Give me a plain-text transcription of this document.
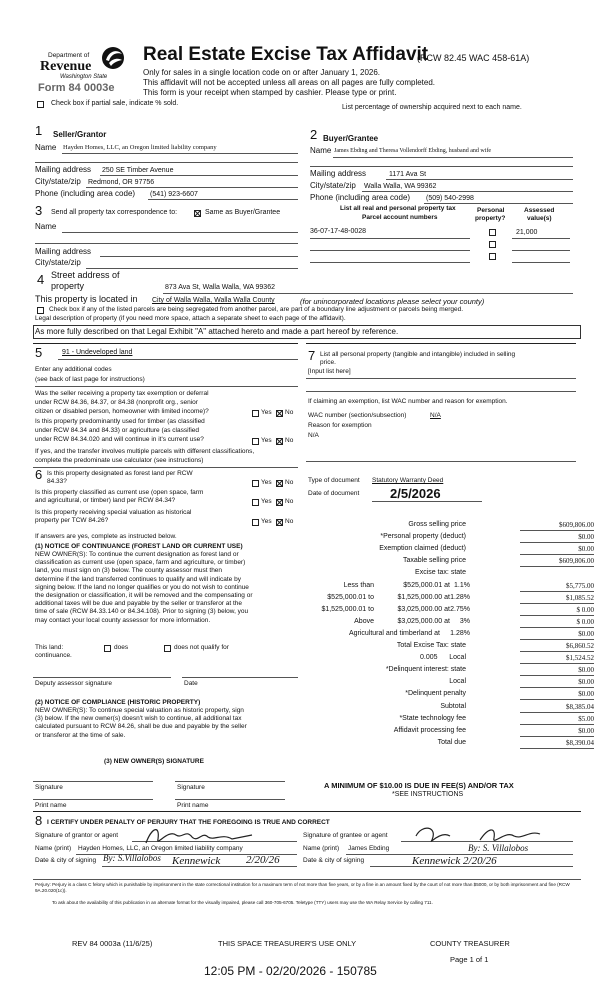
Department of
Revenue
Washington State
Form 84 0003e
Real Estate Excise Tax Affidavit
(RCW 82.45 WAC 458-61A)
Only for sales in a single location code on or after January 1, 2026.
This affidavit will not be accepted unless all areas on all pages are fully completed.
This form is your receipt when stamped by cashier. Please type or print.
Check box if partial sale, indicate % sold.
List percentage of ownership acquired next to each name.
1 Seller/Grantor
Name Hayden Homes, LLC, an Oregon limited liability company
Mailing address 250 SE Timber Avenue
City/state/zip Redmond, OR 97756
Phone (including area code) (541) 923-6607
2 Buyer/Grantee
Name James Ebding and Theresa Vollendorff Ebding, husband and wife
Mailing address	1171 Ava St
City/state/zip Walla Walla, WA 99362
Phone (including area code) (509) 540-2998
3 Send all property tax correspondence to:	Same as Buyer/Grantee
Name
Mailing address
City/state/zip
List all real and personal property tax
Parcel account numbers
Personal
property?
Assessed
value(s)
36-07-17-48-0028	21,000
4 Street address of
property	873 Ava St, Walla Walla, WA 99362
This property is located in City of Walla Walla, Walla Walla County	(for unincorporated locations please select your county)
Check box if any of the listed parcels are being segregated from another parcel, are part of a boundary line adjustment or parcels being merged.
Legal description of property (if you need more space, attach a separate sheet to each page of the affidavit).
As more fully described on that Legal Exhibit "A" attached hereto and made a part hereof by reference.
5	91 - Undeveloped land
Enter any additional codes
(see back of last page for instructions)
Was the seller receiving a property tax exemption or deferral
under RCW 84.36, 84.37, or 84.38 (nonprofit org., senior
citizen or disabled person, homeowner with limited income)?	Yes No
Is this property predominantly used for timber (as classified
under RCW 84.34 and 84.33) or agriculture (as classified
under RCW 84.34.020 and will continue in it's current use?	Yes No
If yes, and the transfer involves multiple parcels with different classifications,
complete the predominate use calculator (see instructions)
6 Is this property designated as forest land per RCW
84.33?	Yes No
Is this property classified as current use (open space, farm
and agricultural, or timber) land per RCW 84.34?	Yes No
Is this property receiving special valuation as historical
property per TCW 84.26?	Yes No
If answers are yes, complete as instructed below.
(1) NOTICE OF CONTINUANCE (FOREST LAND OR CURRENT USE)
NEW OWNER(S): To continue the current designation as forest land or
classification as current use (open space, farm and agriculture, or timber)
land, you must sign on (3) below. The county assessor must then
determine if the land transferred continues to qualify and will indicate by
signing below. If the land no longer qualifies or you do not wish to continue
the designation or classification, it will be removed and the compensating or
additional taxes will be due and payable by the seller or transferor at the
time of sale (RCW 84.33.140 or 84.34.108). Prior to signing (3) below, you
may contact your local county assessor for more information.
This land:	does	does not qualify for
continuance.
Deputy assessor signature	Date
(2) NOTICE OF COMPLIANCE (HISTORIC PROPERTY)
NEW OWNER(S): To continue special valuation as historic property, sign
(3) below. If the new owner(s) doesn't wish to continue, all additional tax
calculated pursuant to RCW 84.26, shall be due and payable by the seller
or transferor at the time of sale.
(3) NEW OWNER(S) SIGNATURE
Signature	Signature
Print name	Print name
7 List all personal property (tangible and intangible) included in selling
price.
[Input list here]
If claiming an exemption, list WAC number and reason for exemption.
WAC number (section/subsection)	N/A
Reason for exemption
N/A
Type of document Statutory Warranty Deed
Date of document 2/5/2026
Gross selling price	$609,806.00
*Personal property (deduct)	$0.00
Exemption claimed (deduct)	$0.00
Taxable selling price	$609,806.00
Excise tax: state
Less than	$525,000.01 at 1.1%	$5,775.00
$525,000.01 to	$1,525,000.00 at 1.28%	$1,085.52
$1,525,000.01 to	$3,025,000.00 at 2.75%	$ 0.00
Above	$3,025,000.00 at	3%	$ 0.00
Agricultural and timberland at	1.28%	$0.00
Total Excise Tax: state	$6,860.52
0.005	Local	$1,524.52
*Delinquent interest: state	$0.00
Local	$0.00
*Delinquent penalty	$0.00
Subtotal	$8,385.04
*State technology fee	$5.00
Affidavit processing fee	$0.00
Total due	$8,390.04
A MINIMUM OF $10.00 IS DUE IN FEE(S) AND/OR TAX
*SEE INSTRUCTIONS
8 I CERTIFY UNDER PENALTY OF PERJURY THAT THE FOREGOING IS TRUE AND CORRECT
Signature of grantor or agent
Name (print) Hayden Homes, LLC, an Oregon limited liability company
Date & city of signing By: S.Villalobos Kennewick 2/20/26
Signature of grantee or agent
Name (print) James Ebding	By: S. Villalobos
Date & city of signing	Kennewick 2/20/26
Perjury: Perjury is a class C felony which is punishable by imprisonment in the state correctional institution for a maximum term of not more than five years, or by a fine in an amount fixed by the court of not more than $5000, or by both imprisonment and fine (RCW 9A.20.020(1c)).
To ask about the availability of this publication in an alternate format for the visually impaired, please call 360-705-6705. Teletype (TTY) users may use the WA Relay Service by calling 711.
REV 84 0003a (11/6/25)	THIS SPACE TREASURER'S USE ONLY	COUNTY TREASURER
Page 1 of 1
12:05 PM - 02/20/2026 - 150785
